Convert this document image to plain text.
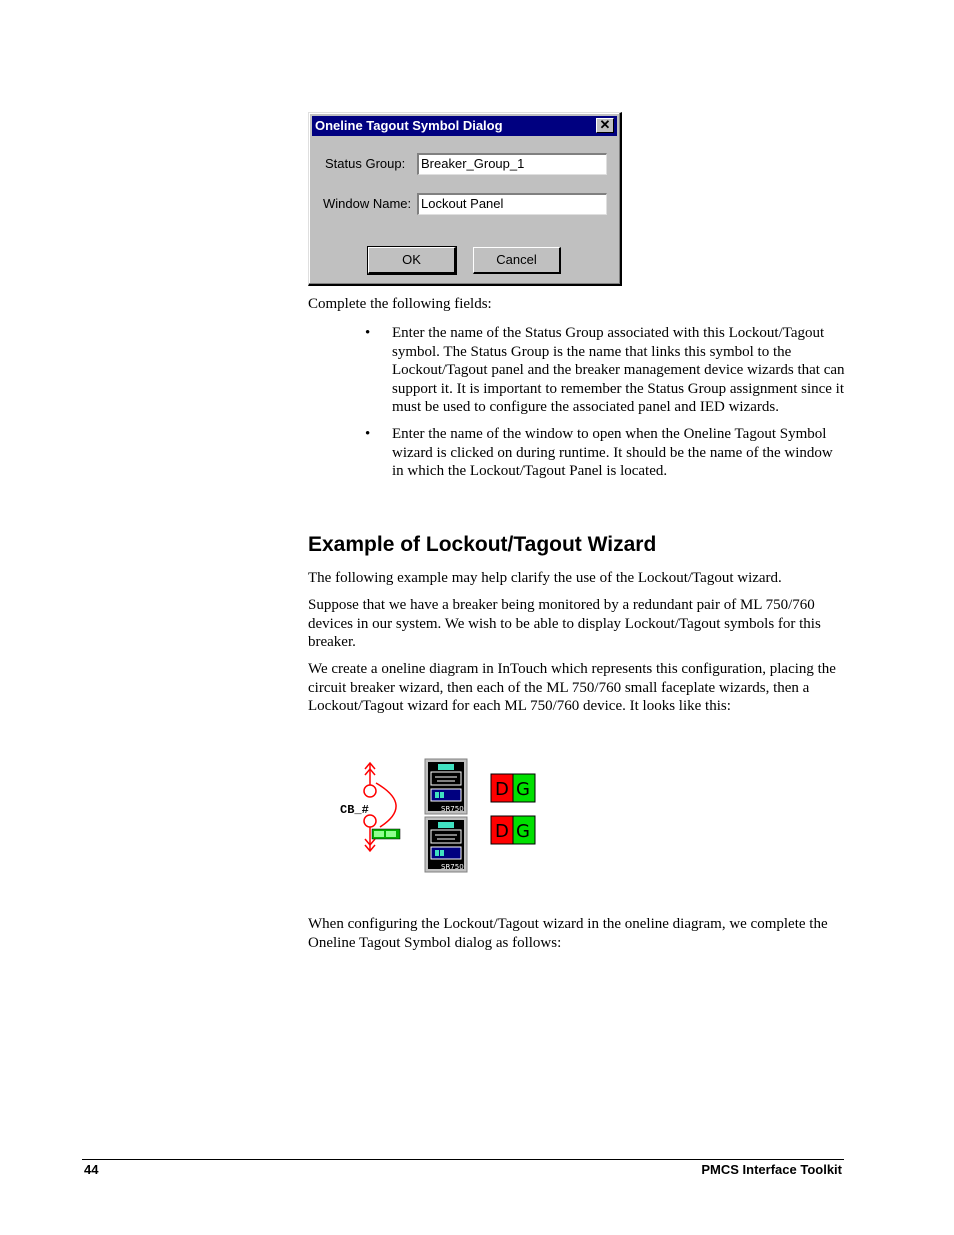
Oneline Tagout Symbol Dialog	✕
Status Group:	Breaker_Group_1
Window Name: Lockout Panel
OK	Cancel
Complete the following fields:
• Enter the name of the Status Group associated with this Lockout/Tagout symbol. The Status Group is the name that links this symbol to the Lockout/Tagout panel and the breaker management device wizards that can support it. It is important to remember the Status Group assignment since it must be used to configure the associated panel and IED wizards.
• Enter the name of the window to open when the Oneline Tagout Symbol wizard is clicked on during runtime. It should be the name of the window in which the Lockout/Tagout Panel is located.
Example of Lockout/Tagout Wizard
The following example may help clarify the use of the Lockout/Tagout wizard.
Suppose that we have a breaker being monitored by a redundant pair of ML 750/760 devices in our system. We wish to be able to display Lockout/Tagout symbols for this breaker.
We create a oneline diagram in InTouch which represents this configuration, placing the circuit breaker wizard, then each of the ML 750/760 small faceplate wizards, then a Lockout/Tagout wizard for each ML 750/760 device. It looks like this:
CB_#	SR750
SR750
D G
D G
When configuring the Lockout/Tagout wizard in the oneline diagram, we complete the Oneline Tagout Symbol dialog as follows:
44	PMCS Interface Toolkit
